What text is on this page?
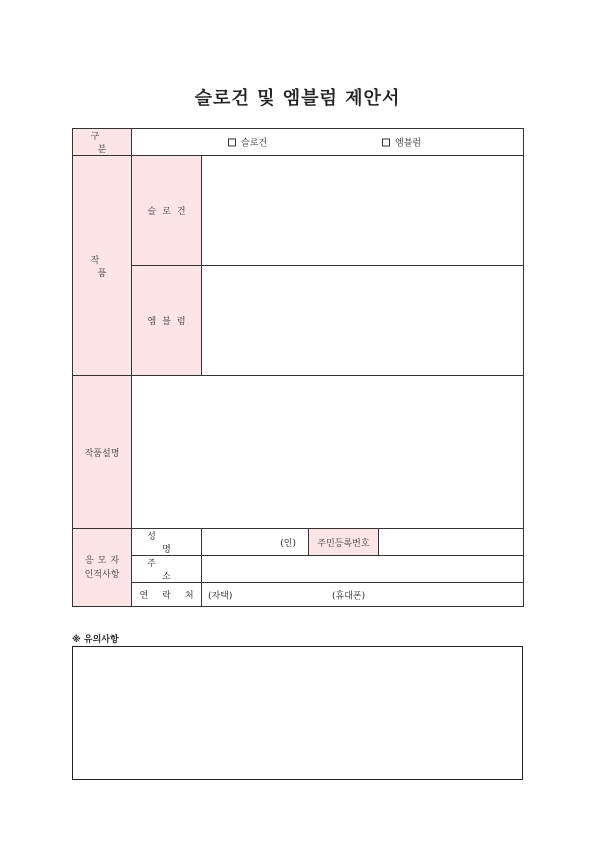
슬로건 및 엠블럼 제안서
구 분	슬로건 엠블럼			

작 품	슬로건			
	엠블럼			
작품설명				
응모자
인적사항	성명	(인)	주민등록번호	
	주소			
	연락처	(자택) (휴대폰)		
※ 유의사항
